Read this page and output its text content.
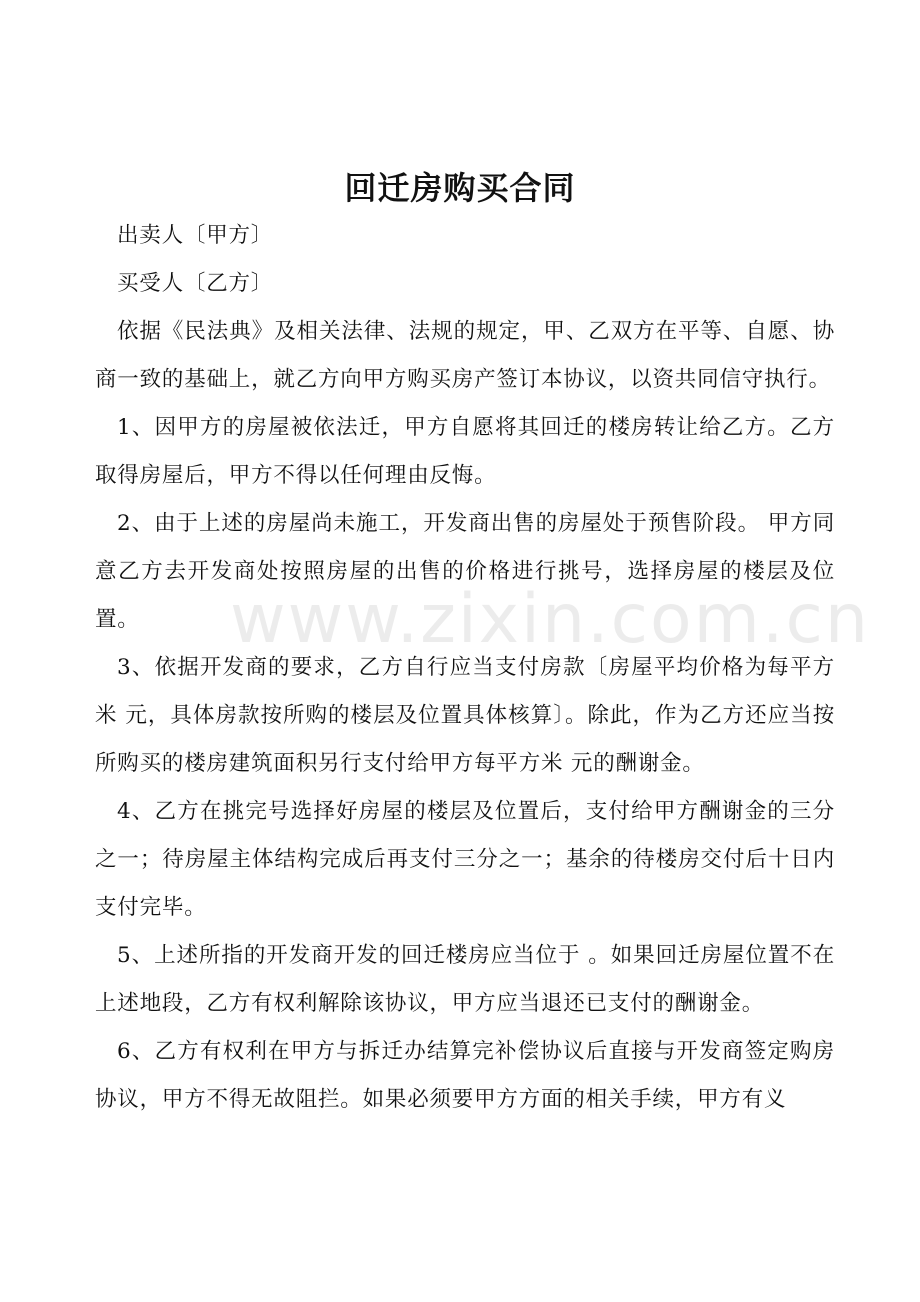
www.zixin.com.cn
回迁房购买合同

出卖人〔甲方〕

买受人〔乙方〕

依据《民法典》及相关法律、法规的规定，甲、乙双方在平等、自愿、协商一致的基础上，就乙方向甲方购买房产签订本协议，以资共同信守执行。

1、因甲方的房屋被依法迁，甲方自愿将其回迁的楼房转让给乙方。乙方取得房屋后，甲方不得以任何理由反悔。

2、由于上述的房屋尚未施工，开发商出售的房屋处于预售阶段。 甲方同意乙方去开发商处按照房屋的出售的价格进行挑号，选择房屋的楼层及位置。

3、依据开发商的要求，乙方自行应当支付房款〔房屋平均价格为每平方米 元，具体房款按所购的楼层及位置具体核算〕。除此，作为乙方还应当按所购买的楼房建筑面积另行支付给甲方每平方米 元的酬谢金。

4、乙方在挑完号选择好房屋的楼层及位置后，支付给甲方酬谢金的三分之一；待房屋主体结构完成后再支付三分之一；基余的待楼房交付后十日内支付完毕。

5、上述所指的开发商开发的回迁楼房应当位于 。如果回迁房屋位置不在上述地段，乙方有权利解除该协议，甲方应当退还已支付的酬谢金。

6、乙方有权利在甲方与拆迁办结算完补偿协议后直接与开发商签定购房协议，甲方不得无故阻拦。如果必须要甲方方面的相关手续，甲方有义
